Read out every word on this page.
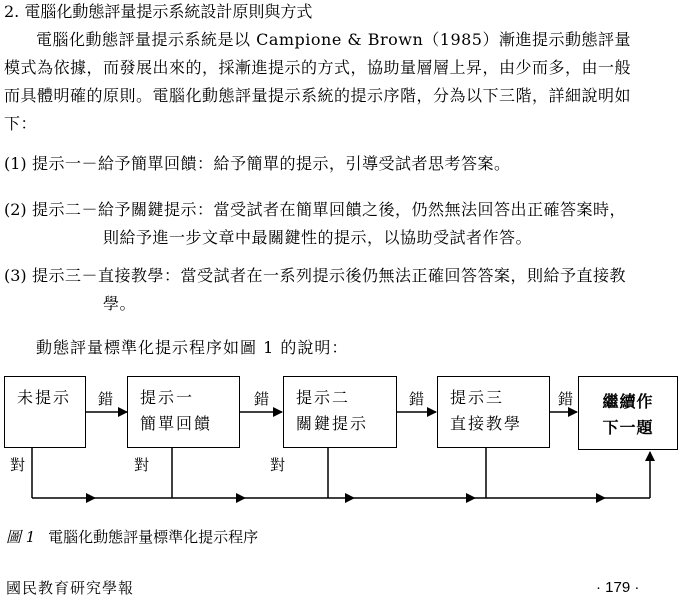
2. 電腦化動態評量提示系統設計原則與方式
電腦化動態評量提示系統是以 Campione & Brown（1985）漸進提示動態評量模式為依據，而發展出來的，採漸進提示的方式，協助量層層上昇，由少而多，由一般而具體明確的原則。電腦化動態評量提示系統的提示序階，分為以下三階，詳細說明如下：
(1) 提示一－給予簡單回饋：給予簡單的提示，引導受試者思考答案。
(2) 提示二－給予關鍵提示：當受試者在簡單回饋之後，仍然無法回答出正確答案時，
則給予進一步文章中最關鍵性的提示，以協助受試者作答。
(3) 提示三－直接教學：當受試者在一系列提示後仍無法正確回答答案，則給予直接教
學。
動態評量標準化提示程序如圖 1 的說明：
未提示	提示一
簡單回饋
提示二
關鍵提示
提示三
直接教學
繼續作
下一題
錯	錯	錯	錯
對	對	對
圖 1 電腦化動態評量標準化提示程序
國民教育研究學報	· 179 ·
